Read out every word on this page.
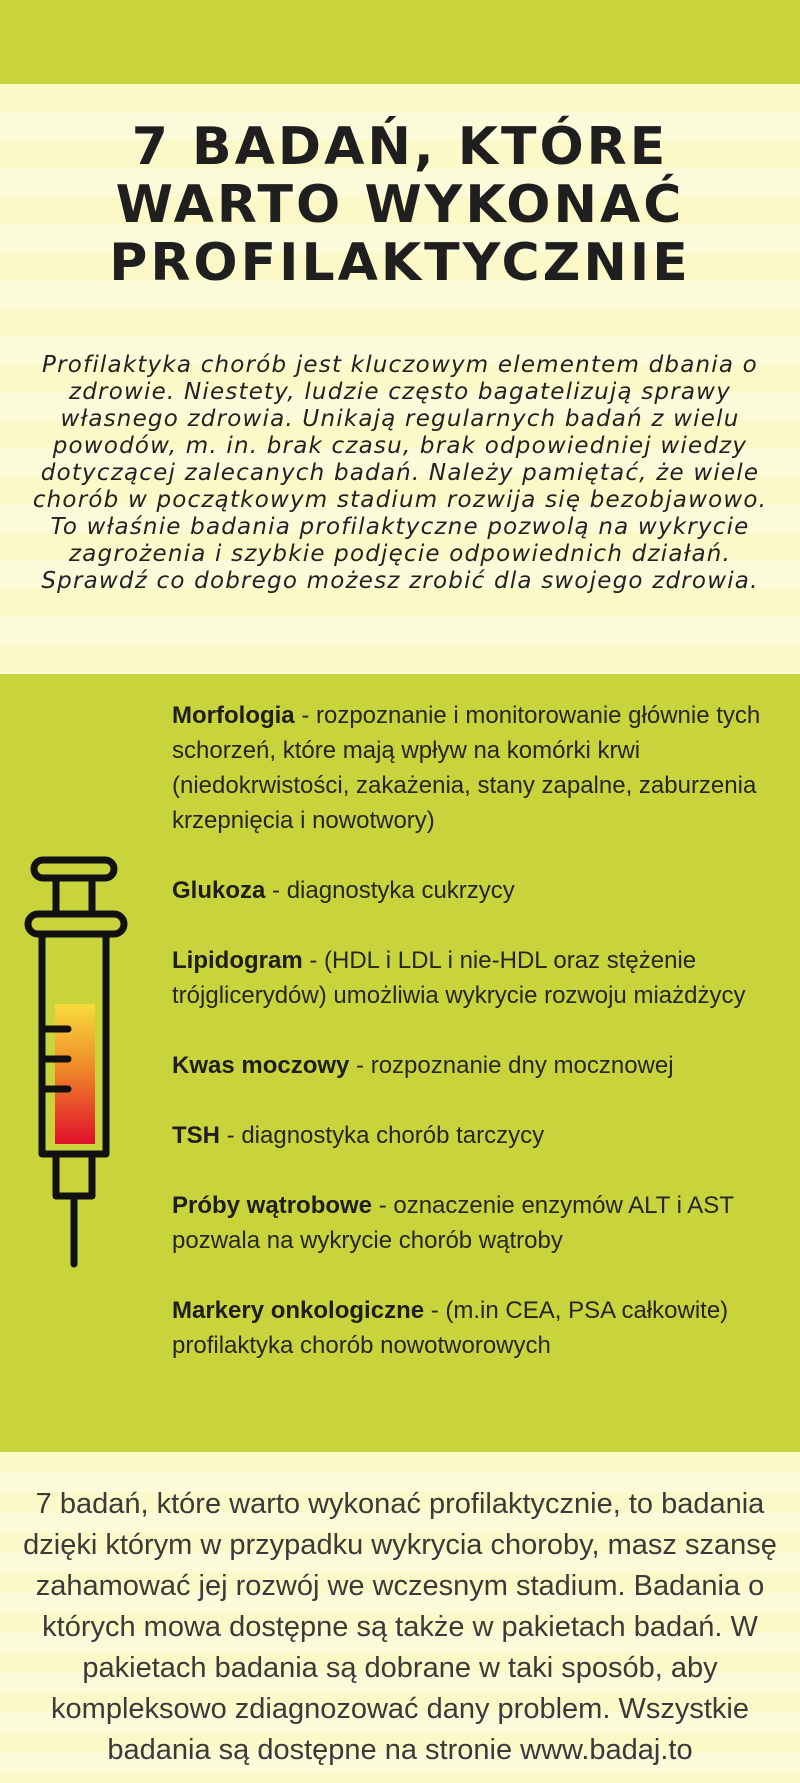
7 BADAŃ, KTÓRE
WARTO WYKONAĆ
PROFILAKTYCZNIE

Profilaktyka chorób jest kluczowym elementem dbania o
zdrowie. Niestety, ludzie często bagatelizują sprawy
własnego zdrowia. Unikają regularnych badań z wielu
powodów, m. in. brak czasu, brak odpowiedniej wiedzy
dotyczącej zalecanych badań. Należy pamiętać, że wiele
chorób w początkowym stadium rozwija się bezobjawowo.
To właśnie badania profilaktyczne pozwolą na wykrycie
zagrożenia i szybkie podjęcie odpowiednich działań.
Sprawdź co dobrego możesz zrobić dla swojego zdrowia.

Morfologia - rozpoznanie i monitorowanie głównie tych schorzeń, które mają wpływ na komórki krwi (niedokrwistości, zakażenia, stany zapalne, zaburzenia krzepnięcia i nowotwory)
Glukoza - diagnostyka cukrzycy
Lipidogram - (HDL i LDL i nie-HDL oraz stężenie trójglicerydów) umożliwia wykrycie rozwoju miażdżycy
Kwas moczowy - rozpoznanie dny mocznowej
TSH - diagnostyka chorób tarczycy
Próby wątrobowe - oznaczenie enzymów ALT i AST pozwala na wykrycie chorób wątroby
Markery onkologiczne - (m.in CEA, PSA całkowite) profilaktyka chorób nowotworowych

7 badań, które warto wykonać profilaktycznie, to badania
dzięki którym w przypadku wykrycia choroby, masz szansę
zahamować jej rozwój we wczesnym stadium. Badania o
których mowa dostępne są także w pakietach badań. W
pakietach badania są dobrane w taki sposób, aby
kompleksowo zdiagnozować dany problem. Wszystkie
badania są dostępne na stronie www.badaj.to
